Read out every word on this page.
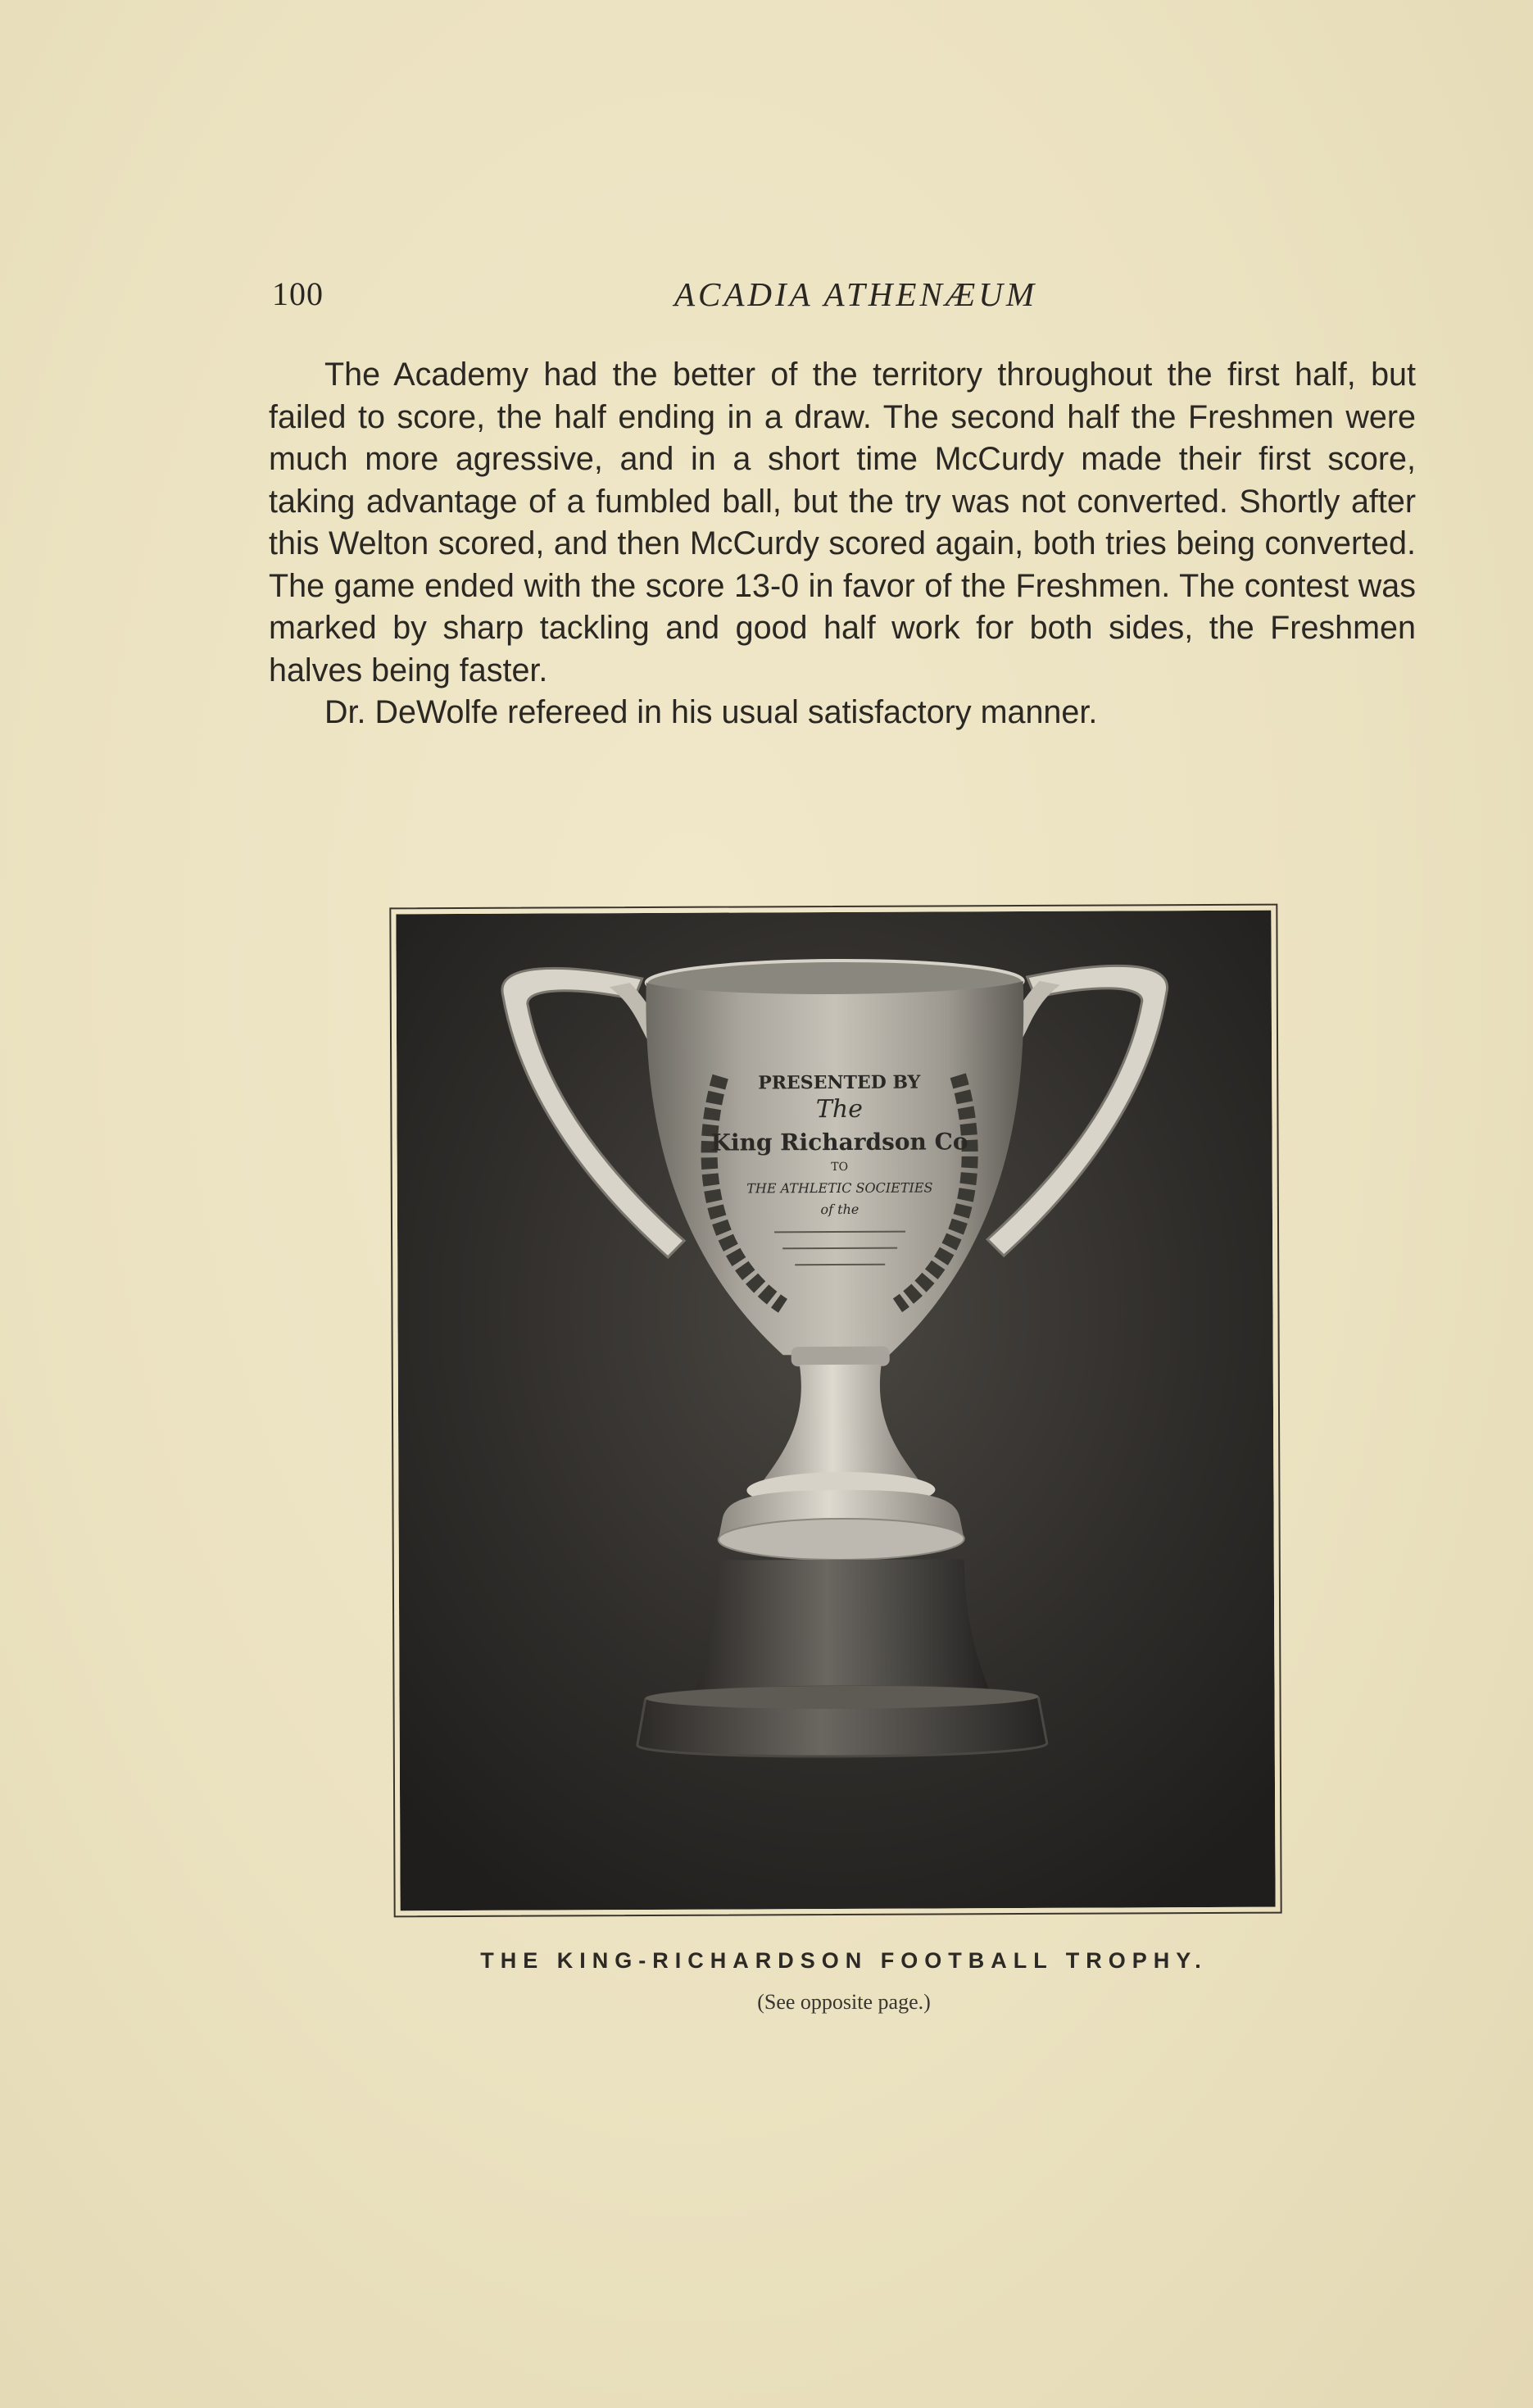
100	ACADIA ATHENÆUM

The Academy had the better of the territory throughout the first half, but failed to score, the half ending in a draw. The second half the Freshmen were much more agressive, and in a short time McCurdy made their first score, taking advantage of a fumbled ball, but the try was not converted. Shortly after this Welton scored, and then McCurdy scored again, both tries being converted. The game ended with the score 13-0 in favor of the Freshmen. The contest was marked by sharp tackling and good half work for both sides, the Freshmen halves being faster.

Dr. DeWolfe refereed in his usual satisfactory manner.

PRESENTED BY
The
King Richardson Co
TO
THE ATHLETIC SOCIETIES
of the
THE KING-RICHARDSON FOOTBALL TROPHY.
(See opposite page.)
